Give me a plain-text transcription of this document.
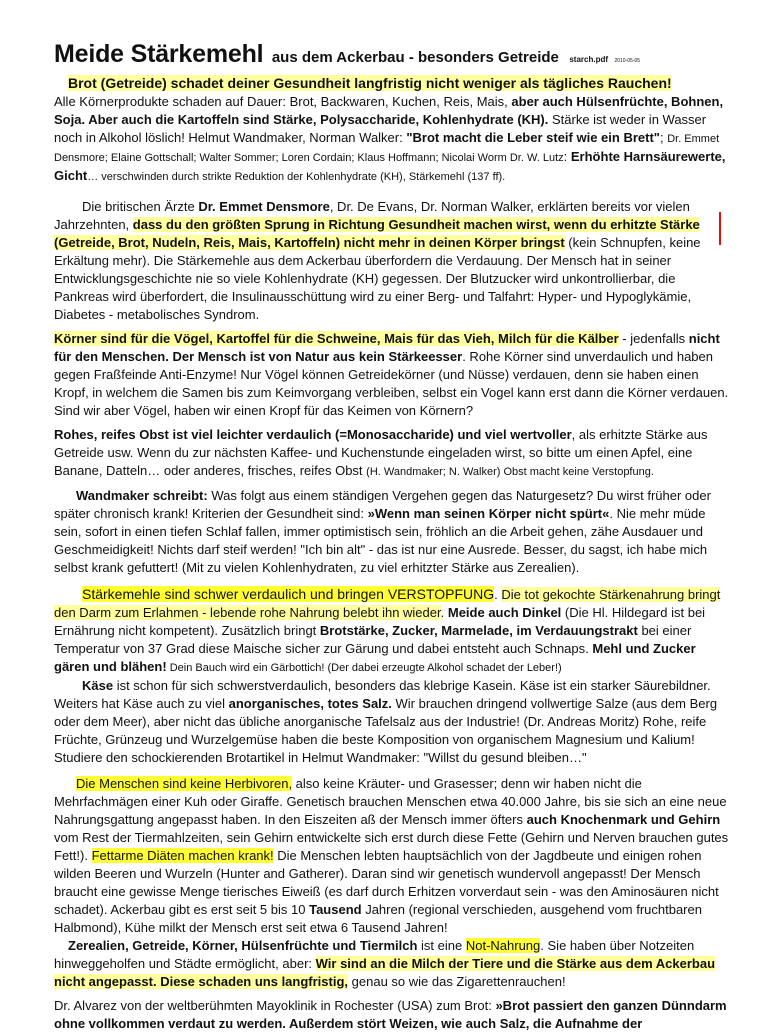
Meide Stärkemehl aus dem Ackerbau - besonders Getreide starch.pdf 2010-05-05

Brot (Getreide) schadet deiner Gesundheit langfristig nicht weniger als tägliches Rauchen!
Alle Körnerprodukte schaden auf Dauer: Brot, Backwaren, Kuchen, Reis, Mais, aber auch Hülsenfrüchte, Bohnen, Soja. Aber auch die Kartoffeln sind Stärke, Polysaccharide, Kohlenhydrate (KH). Stärke ist weder in Wasser noch in Alkohol löslich! Helmut Wandmaker, Norman Walker: "Brot macht die Leber steif wie ein Brett"; Dr. Emmet Densmore; Elaine Gottschall; Walter Sommer; Loren Cordain; Klaus Hoffmann; Nicolai Worm Dr. W. Lutz: Erhöhte Harnsäurewerte, Gicht… verschwinden durch strikte Reduktion der Kohlenhydrate (KH), Stärkemehl (137 ff).

Die britischen Ärzte Dr. Emmet Densmore, Dr. De Evans, Dr. Norman Walker, erklärten bereits vor vielen Jahrzehnten, dass du den größten Sprung in Richtung Gesundheit machen wirst, wenn du erhitzte Stärke (Getreide, Brot, Nudeln, Reis, Mais, Kartoffeln) nicht mehr in deinen Körper bringst (kein Schnupfen, keine Erkältung mehr). Die Stärkemehle aus dem Ackerbau überfordern die Verdauung. Der Mensch hat in seiner Entwicklungsgeschichte nie so viele Kohlenhydrate (KH) gegessen. Der Blutzucker wird unkontrollierbar, die Pankreas wird überfordert, die Insulinausschüttung wird zu einer Berg- und Talfahrt: Hyper- und Hypoglykämie, Diabetes - metabolisches Syndrom.

Körner sind für die Vögel, Kartoffel für die Schweine, Mais für das Vieh, Milch für die Kälber - jedenfalls nicht für den Menschen. Der Mensch ist von Natur aus kein Stärkeesser. Rohe Körner sind unverdaulich und haben gegen Fraßfeinde Anti-Enzyme! Nur Vögel können Getreidekörner (und Nüsse) verdauen, denn sie haben einen Kropf, in welchem die Samen bis zum Keimvorgang verbleiben, selbst ein Vogel kann erst dann die Körner verdauen. Sind wir aber Vögel, haben wir einen Kropf für das Keimen von Körnern?

Rohes, reifes Obst ist viel leichter verdaulich (=Monosaccharide) und viel wertvoller, als erhitzte Stärke aus Getreide usw. Wenn du zur nächsten Kaffee- und Kuchenstunde eingeladen wirst, so bitte um einen Apfel, eine Banane, Datteln… oder anderes, frisches, reifes Obst (H. Wandmaker; N. Walker) Obst macht keine Verstopfung.

Wandmaker schreibt: Was folgt aus einem ständigen Vergehen gegen das Naturgesetz? Du wirst früher oder später chronisch krank! Kriterien der Gesundheit sind: »Wenn man seinen Körper nicht spürt«. Nie mehr müde sein, sofort in einen tiefen Schlaf fallen, immer optimistisch sein, fröhlich an die Arbeit gehen, zähe Ausdauer und Geschmeidigkeit! Nichts darf steif werden! "Ich bin alt" - das ist nur eine Ausrede. Besser, du sagst, ich habe mich selbst krank gefuttert! (Mit zu vielen Kohlenhydraten, zu viel erhitzter Stärke aus Zerealien).

Stärkemehle sind schwer verdaulich und bringen VERSTOPFUNG. Die tot gekochte Stärkenahrung bringt den Darm zum Erlahmen - lebende rohe Nahrung belebt ihn wieder. Meide auch Dinkel (Die Hl. Hildegard ist bei Ernährung nicht kompetent). Zusätzlich bringt Brotstärke, Zucker, Marmelade, im Verdauungstrakt bei einer Temperatur von 37 Grad diese Maische sicher zur Gärung und dabei entsteht auch Schnaps. Mehl und Zucker gären und blähen! Dein Bauch wird ein Gärbottich! (Der dabei erzeugte Alkohol schadet der Leber!)

Käse ist schon für sich schwerstverdaulich, besonders das klebrige Kasein. Käse ist ein starker Säurebildner. Weiters hat Käse auch zu viel anorganisches, totes Salz. Wir brauchen dringend vollwertige Salze (aus dem Berg oder dem Meer), aber nicht das übliche anorganische Tafelsalz aus der Industrie! (Dr. Andreas Moritz) Rohe, reife Früchte, Grünzeug und Wurzelgemüse haben die beste Komposition von organischem Magnesium und Kalium! Studiere den schockierenden Brotartikel in Helmut Wandmaker: "Willst du gesund bleiben…"

Die Menschen sind keine Herbivoren, also keine Kräuter- und Grasesser; denn wir haben nicht die Mehrfachmägen einer Kuh oder Giraffe. Genetisch brauchen Menschen etwa 40.000 Jahre, bis sie sich an eine neue Nahrungsgattung angepasst haben. In den Eiszeiten aß der Mensch immer öfters auch Knochenmark und Gehirn vom Rest der Tiermahlzeiten, sein Gehirn entwickelte sich erst durch diese Fette (Gehirn und Nerven brauchen gutes Fett!). Fettarme Diäten machen krank! Die Menschen lebten hauptsächlich von der Jagdbeute und einigen rohen wilden Beeren und Wurzeln (Hunter and Gatherer). Daran sind wir genetisch wundervoll angepasst! Der Mensch braucht eine gewisse Menge tierisches Eiweiß (es darf durch Erhitzen vorverdaut sein - was den Aminosäuren nicht schadet). Ackerbau gibt es erst seit 5 bis 10 Tausend Jahren (regional verschieden, ausgehend vom fruchtbaren Halbmond), Kühe milkt der Mensch erst seit etwa 6 Tausend Jahren!

Zerealien, Getreide, Körner, Hülsenfrüchte und Tiermilch ist eine Not-Nahrung. Sie haben über Notzeiten hinweggeholfen und Städte ermöglicht, aber: Wir sind an die Milch der Tiere und die Stärke aus dem Ackerbau nicht angepasst. Diese schaden uns langfristig, genau so wie das Zigarettenrauchen!

Dr. Alvarez von der weltberühmten Mayoklinik in Rochester (USA) zum Brot: »Brot passiert den ganzen Dünndarm ohne vollkommen verdaut zu werden. Außerdem stört Weizen, wie auch Salz, die Aufnahme der
